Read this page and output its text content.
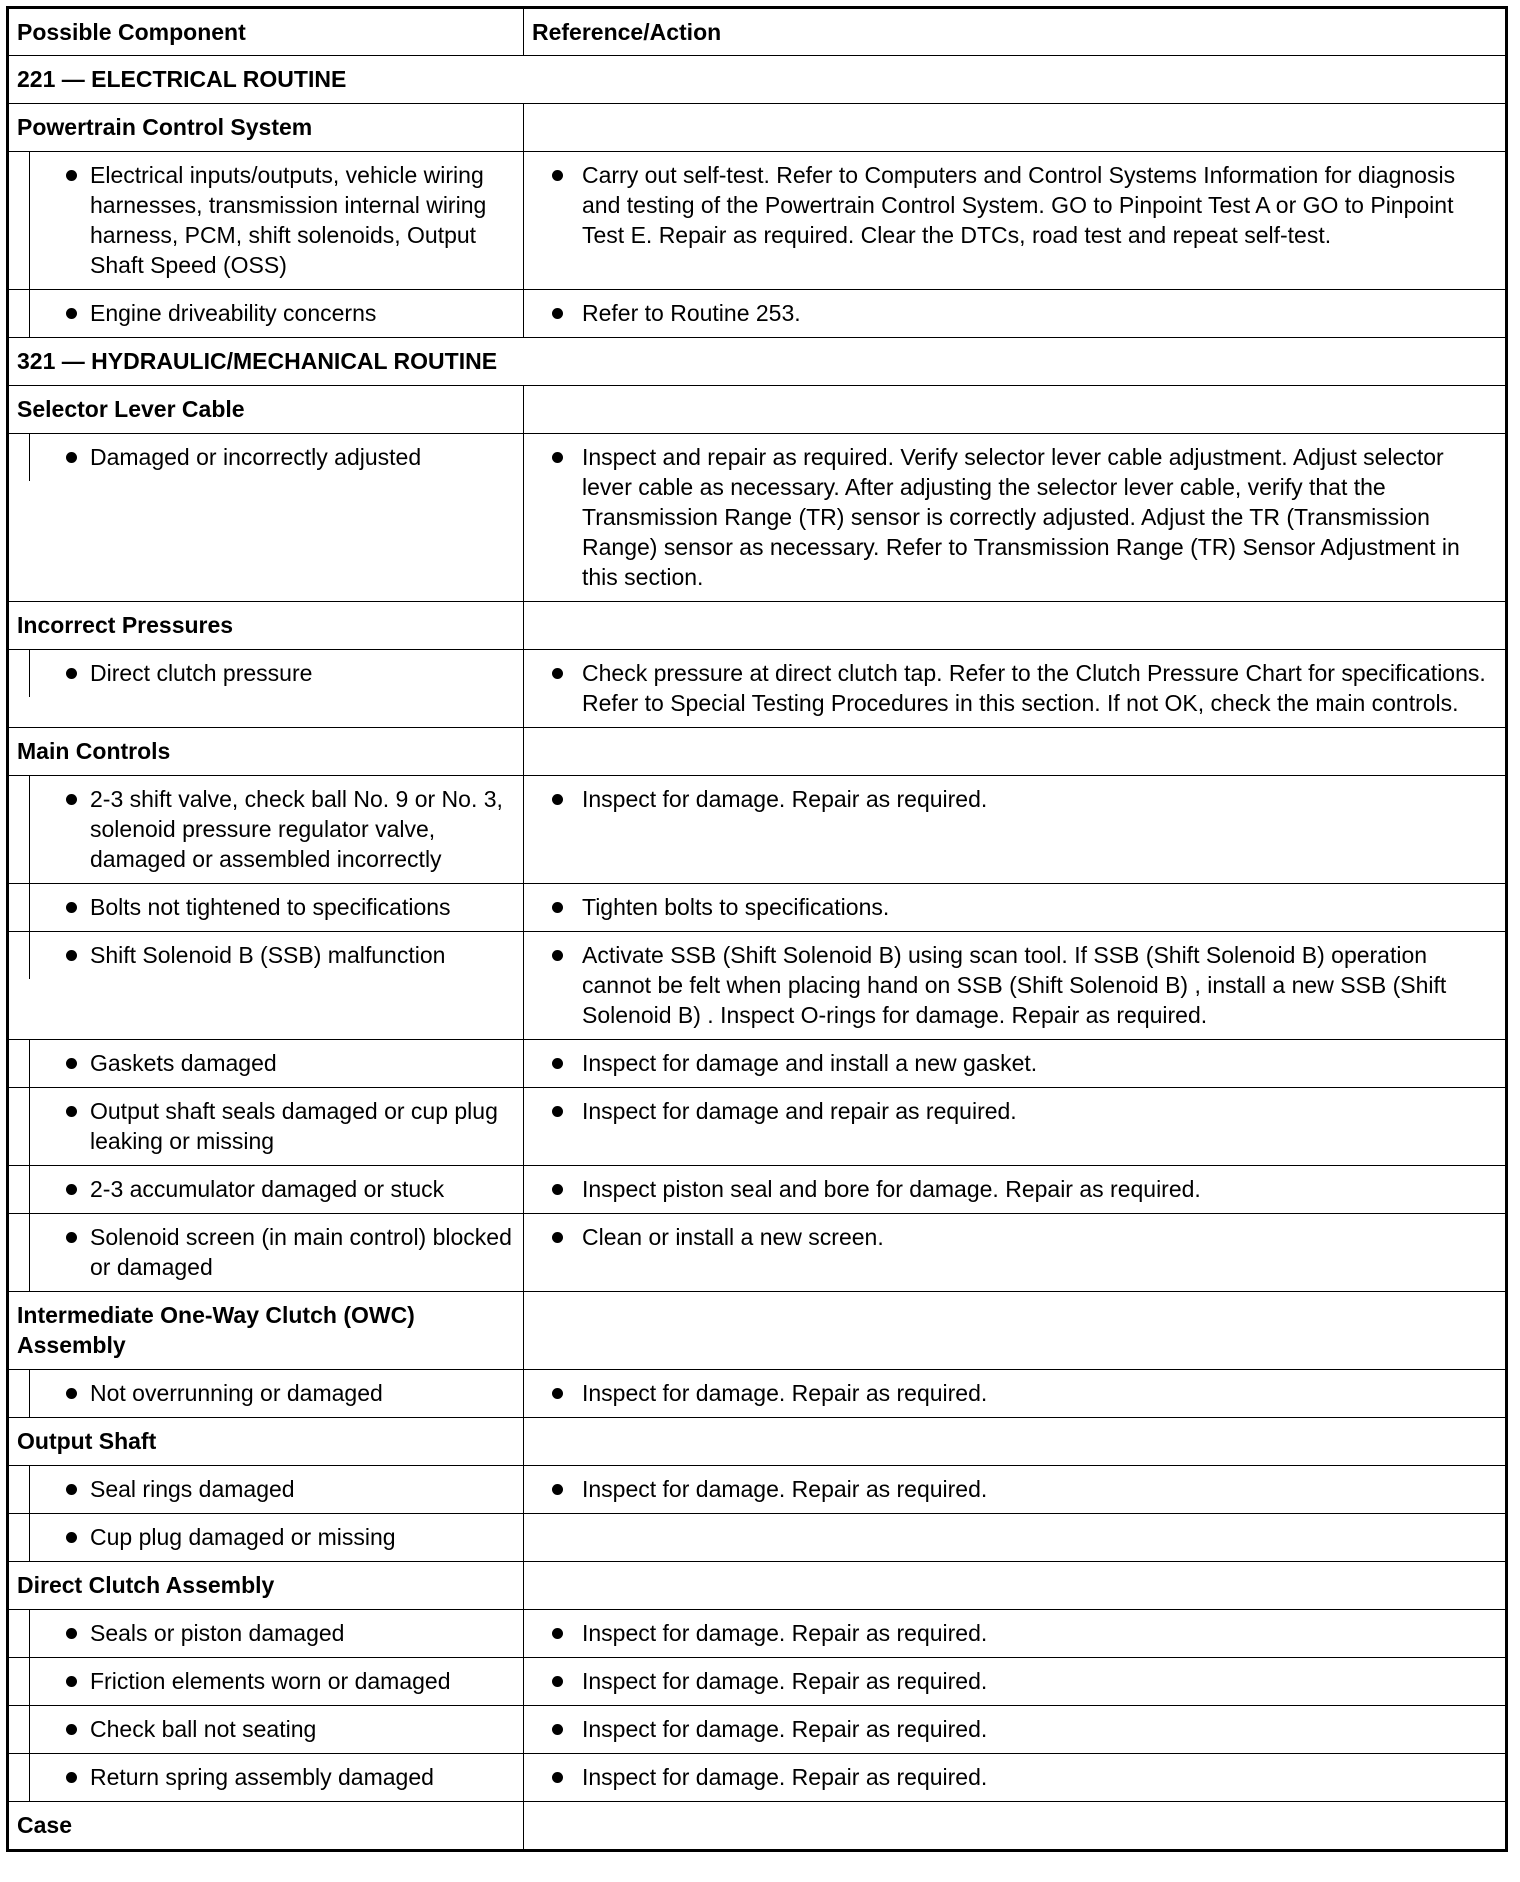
Possible Component	Reference/Action
221 — ELECTRICAL ROUTINE	
Powertrain Control System	

Electrical inputs/outputs, vehicle wiring harnesses, transmission internal wiring harness, PCM, shift solenoids, Output Shaft Speed (OSS)	Carry out self-test. Refer to Computers and Control Systems Information for diagnosis and testing of the Powertrain Control System. GO to Pinpoint Test A or GO to Pinpoint Test E. Repair as required. Clear the DTCs, road test and repeat self-test.

Engine driveability concerns	Refer to Routine 253.

321 — HYDRAULIC/MECHANICAL ROUTINE	
Selector Lever Cable	

Damaged or incorrectly adjusted	Inspect and repair as required. Verify selector lever cable adjustment. Adjust selector lever cable as necessary. After adjusting the selector lever cable, verify that the Transmission Range (TR) sensor is correctly adjusted. Adjust the TR (Transmission Range) sensor as necessary. Refer to Transmission Range (TR) Sensor Adjustment in this section.

Incorrect Pressures	

Direct clutch pressure	Check pressure at direct clutch tap. Refer to the Clutch Pressure Chart for specifications. Refer to Special Testing Procedures in this section. If not OK, check the main controls.

Main Controls	

2-3 shift valve, check ball No. 9 or No. 3, solenoid pressure regulator valve, damaged or assembled incorrectly	Inspect for damage. Repair as required.

Bolts not tightened to specifications	Tighten bolts to specifications.

Shift Solenoid B (SSB) malfunction	Activate SSB (Shift Solenoid B) using scan tool. If SSB (Shift Solenoid B) operation cannot be felt when placing hand on SSB (Shift Solenoid B) , install a new SSB (Shift Solenoid B) . Inspect O-rings for damage. Repair as required.

Gaskets damaged	Inspect for damage and install a new gasket.

Output shaft seals damaged or cup plug leaking or missing	Inspect for damage and repair as required.

2-3 accumulator damaged or stuck	Inspect piston seal and bore for damage. Repair as required.

Solenoid screen (in main control) blocked or damaged	Clean or install a new screen.

Intermediate One-Way Clutch (OWC) Assembly	

Not overrunning or damaged	Inspect for damage. Repair as required.

Output Shaft	

Seal rings damaged	Inspect for damage. Repair as required.

Cup plug damaged or missing	

Direct Clutch Assembly	

Seals or piston damaged	Inspect for damage. Repair as required.

Friction elements worn or damaged	Inspect for damage. Repair as required.

Check ball not seating	Inspect for damage. Repair as required.

Return spring assembly damaged	Inspect for damage. Repair as required.

Case	
